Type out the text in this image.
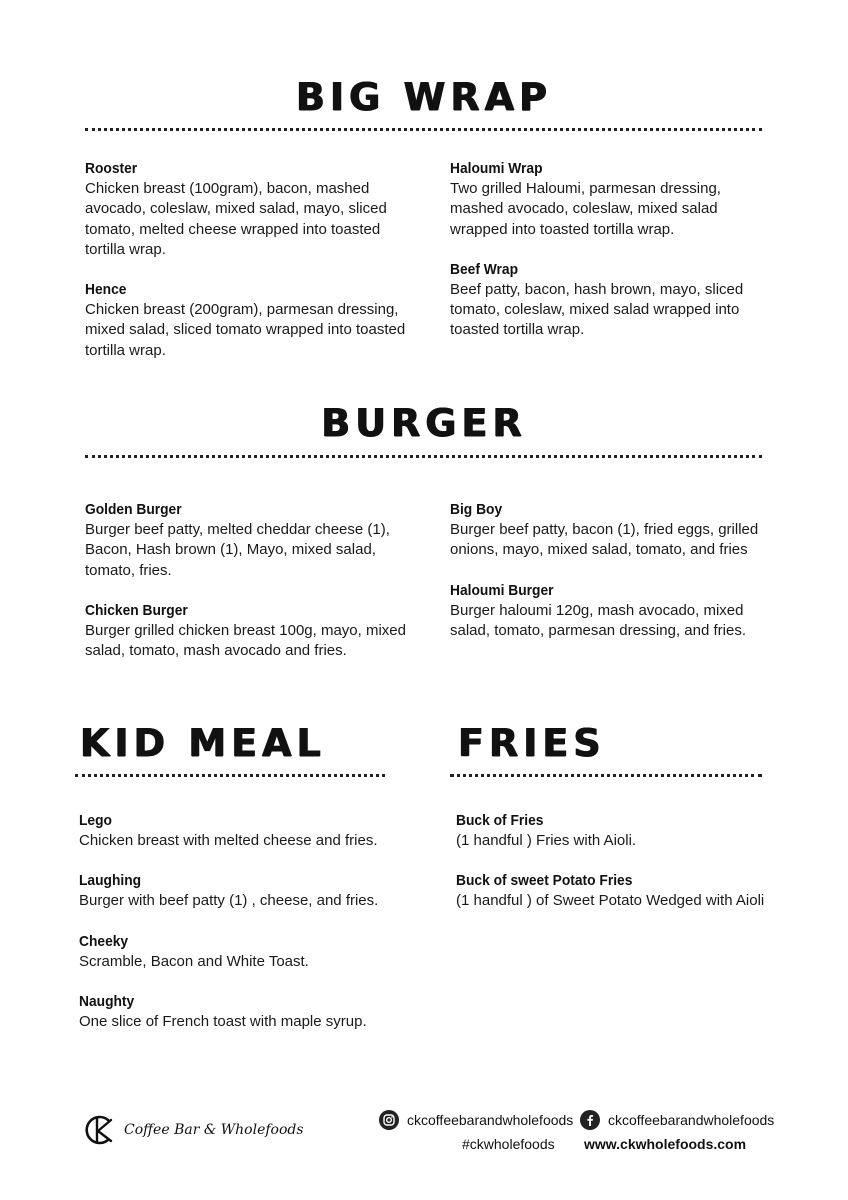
BIG WRAP
Rooster
Chicken breast (100gram), bacon, mashed avocado, coleslaw, mixed salad, mayo, sliced tomato, melted cheese wrapped into toasted tortilla wrap.
Hence
Chicken breast (200gram), parmesan dressing, mixed salad, sliced tomato wrapped into toasted tortilla wrap.
Haloumi Wrap
Two grilled Haloumi, parmesan dressing, mashed avocado, coleslaw, mixed salad wrapped into toasted tortilla wrap.
Beef Wrap
Beef patty, bacon, hash brown, mayo, sliced tomato, coleslaw, mixed salad wrapped into toasted tortilla wrap.
BURGER
Golden Burger
Burger beef patty, melted cheddar cheese (1), Bacon, Hash brown (1), Mayo, mixed salad, tomato, fries.
Chicken Burger
Burger grilled chicken breast 100g, mayo, mixed salad, tomato, mash avocado and fries.
Big Boy
Burger beef patty, bacon (1), fried eggs, grilled onions, mayo, mixed salad, tomato, and fries
Haloumi Burger
Burger haloumi 120g, mash avocado, mixed salad, tomato, parmesan dressing, and fries.
KID MEAL
Lego
Chicken breast with melted cheese and fries.
Laughing
Burger with beef patty (1) , cheese, and fries.
Cheeky
Scramble, Bacon and White Toast.
Naughty
One slice of French toast with maple syrup.
FRIES
Buck of Fries
(1 handful ) Fries with Aioli.
Buck of sweet Potato Fries
(1 handful ) of Sweet Potato Wedged with Aioli
Coffee Bar & Wholefoods
ckcoffeebarandwholefoods ckcoffeebarandwholefoods
#ckwholefoods www.ckwholefoods.com
